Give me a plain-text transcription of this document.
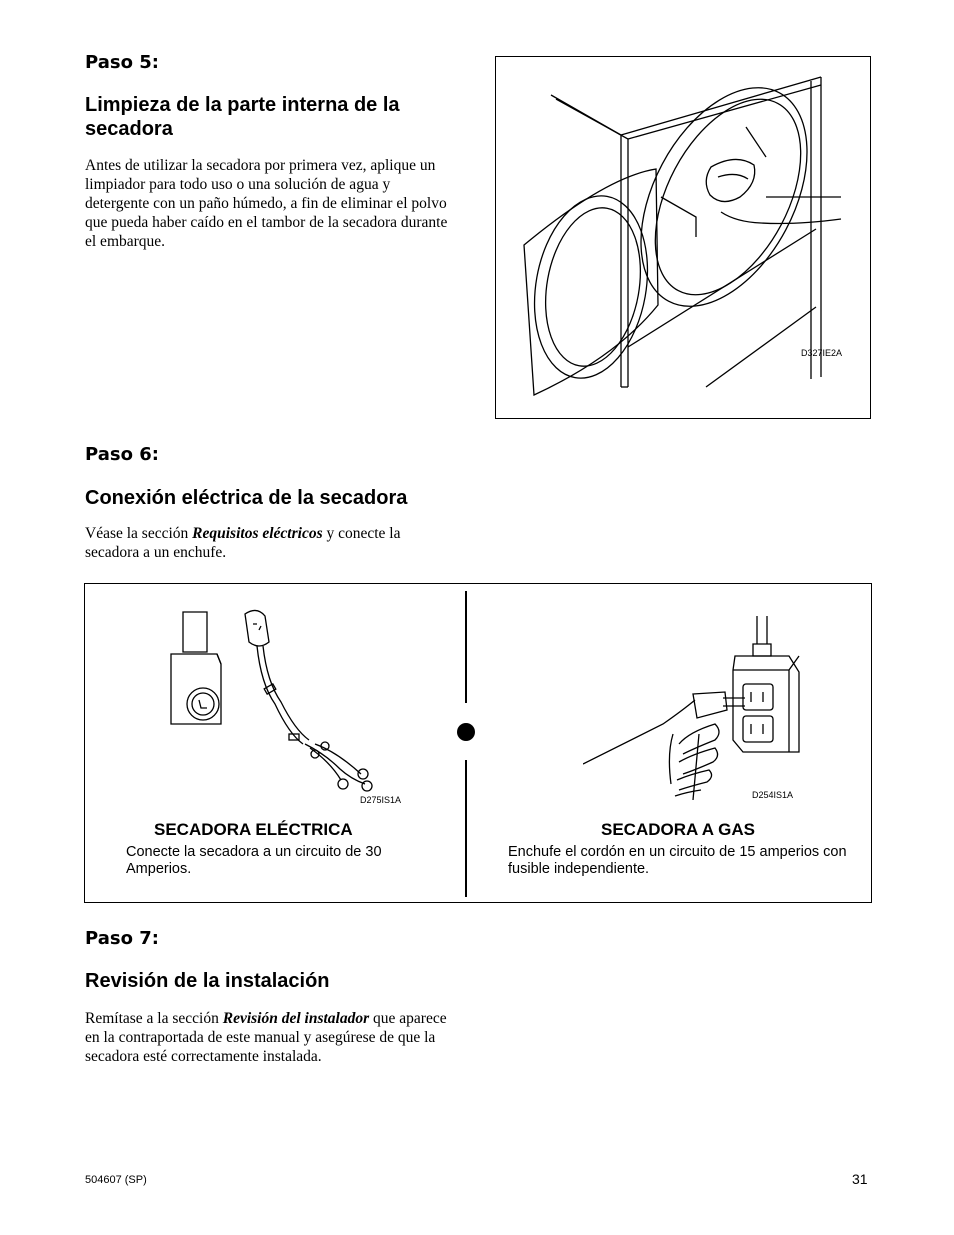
Paso 5:
Limpieza de la parte interna de la secadora
Antes de utilizar la secadora por primera vez, aplique un limpiador para todo uso o una solución de agua y detergente con un paño húmedo, a fin de eliminar el polvo que pueda haber caído en el tambor de la secadora durante el embarque.
D327IE2A
Paso 6:
Conexión eléctrica de la secadora
Véase la sección Requisitos eléctricos y conecte la secadora a un enchufe.
D275IS1A	D254IS1A
SECADORA ELÉCTRICA
Conecte la secadora a un circuito de 30 Amperios.
SECADORA A GAS
Enchufe el cordón en un circuito de 15 amperios con fusible independiente.
Paso 7:
Revisión de la instalación
Remítase a la sección Revisión del instalador que aparece en la contraportada de este manual y asegúrese de que la secadora esté correctamente instalada.
504607 (SP)	31
